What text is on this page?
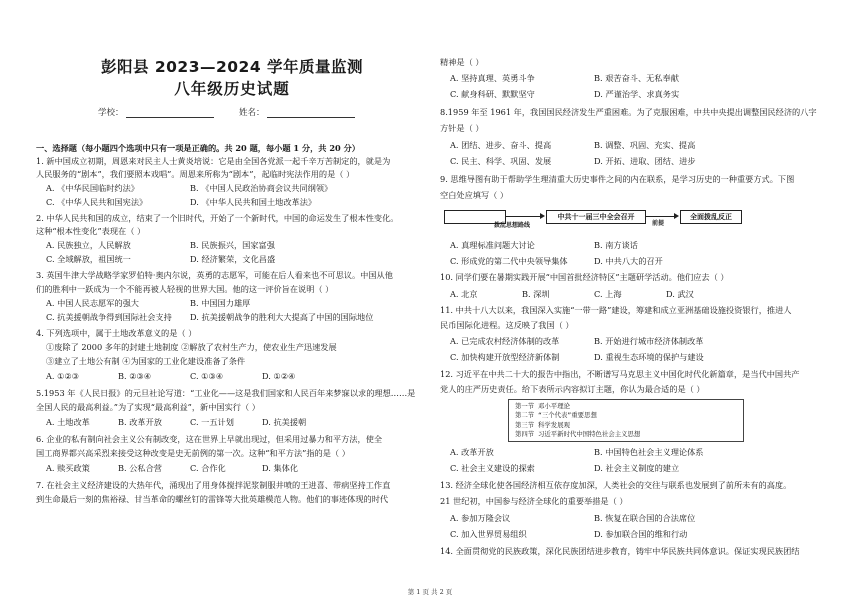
彭阳县 2023—2024 学年质量监测
八年级历史试题
学校：	姓名：
一、选择题（每小题四个选项中只有一项是正确的。共 20 题，每小题 1 分，共 20 分）
1. 新中国成立初期，周恩来对民主人士黄炎培说：它是由全国各党派一起千辛万苦制定的，就是为
人民服务的“剧本”，我们要照本戏唱”。周恩来所称为“剧本”，起临时宪法作用的是（ ）
A. 《中华民国临时约法》	B. 《中国人民政治协商会议共同纲领》
C. 《中华人民共和国宪法》	D. 《中华人民共和国土地改革法》
2. 中华人民共和国的成立，结束了一个旧时代，开始了一个新时代，中国的命运发生了根本性变化。
这种“根本性变化”表现在（ ）
A. 民族独立，人民解放	B. 民族振兴，国家富强
C. 全域解放，祖国统一	D. 经济繁荣，文化昌盛
3. 英国牛津大学战略学家罗伯特·奥内尔说，英勇的志愿军，可能在后人看来也不可思议。中国从他
们的胜利中一跃成为一个不能再被人轻视的世界大国。他的这一评价旨在说明（ ）
A. 中国人民志愿军的强大	B. 中国国力雄厚
C. 抗美援朝战争得到国际社会支持 D. 抗美援朝战争的胜利大大提高了中国的国际地位
4. 下列选项中，属于土地改革意义的是（ ）
①废除了 2000 多年的封建土地制度 ②解放了农村生产力，使农业生产迅速发展
③建立了土地公有制 ④为国家的工业化建设准备了条件
A. ①②③	B. ②③④	C. ①③④	D. ①②④
5.1953 年《人民日报》的元旦社论写道：“工业化——这是我们国家和人民百年来梦寐以求的理想……是
全国人民的最高利益。”为了实现“最高利益”，新中国实行（ ）
A. 土地改革	B. 改革开放	C. 一五计划	D. 抗美援朝
6. 企业的私有制向社会主义公有制改变，这在世界上早就出现过，但采用过暴力和平方法，使全
国工商界都兴高采烈来接受这种改变是史无前例的第一次。这种“和平方法”指的是（ ）
A. 赎买政策	B. 公私合营	C. 合作化	D. 集体化
7. 在社会主义经济建设的大热年代，涌现出了用身体搅拌泥浆制服井喷的王进喜、带病坚持工作直
到生命最后一刻的焦裕禄、甘当革命的螺丝钉的雷锋等大批英雄模范人物。他们的事迹体现的时代
精神是（ ）
A. 坚持真理、英勇斗争	B. 艰苦奋斗、无私奉献
C. 献身科研、默默坚守	D. 严谨治学、求真务实
8.1959 年至 1961 年，我国国民经济发生严重困难。为了克服困难，中共中央提出调整国民经济的八字
方针是（ ）
A. 团结、进步、奋斗、提高	B. 调整、巩固、充实、提高
C. 民主、科学、巩固、发展	D. 开拓、进取、团结、进步
9. 思维导图有助于帮助学生理清重大历史事件之间的内在联系，是学习历史的一种重要方式。下图
空白处应填写（ ）
拨乱思想路线
中共十一届三中全会召开
前提
全面拨乱反正
A. 真理标准问题大讨论	B. 南方谈话
C. 形成党的第二代中央领导集体	D. 中共八大的召开
10. 同学们要在暑期实践开展“中国首批经济特区”主题研学活动。他们应去（ ）
A. 北京	B. 深圳	C. 上海	D. 武汉
11. 中共十八大以来，我国深入实施“一带一路”建设，筹建和成立亚洲基础设施投资银行，推进人
民币国际化进程。这反映了我国（ ）
A. 已完成农村经济体制的改革	B. 开始进行城市经济体制改革
C. 加快构建开放型经济新体制	D. 重视生态环境的保护与建设
12. 习近平在中共二十大的报告中指出，不断谱写马克思主义中国化时代化新篇章，是当代中国共产
党人的庄严历史责任。给下表所示内容拟订主题，你认为最合适的是（ ）
第一节 邓小平理论
第二节 “三个代表”重要思想
第三节 科学发展观
第四节 习近平新时代中国特色社会主义思想
A. 改革开放	B. 中国特色社会主义理论体系
C. 社会主义建设的探索	D. 社会主义制度的建立
13. 经济全球化使各国经济相互依存度加深，人类社会的交往与联系也发展到了前所未有的高度。
21 世纪初，中国参与经济全球化的重要举措是（ ）
A. 参加万隆会议	B. 恢复在联合国的合法席位
C. 加入世界贸易组织	D. 参加联合国的维和行动
14. 全面贯彻党的民族政策，深化民族团结进步教育，铸牢中华民族共同体意识。保证实现民族团结
第 1 页 共 2 页
